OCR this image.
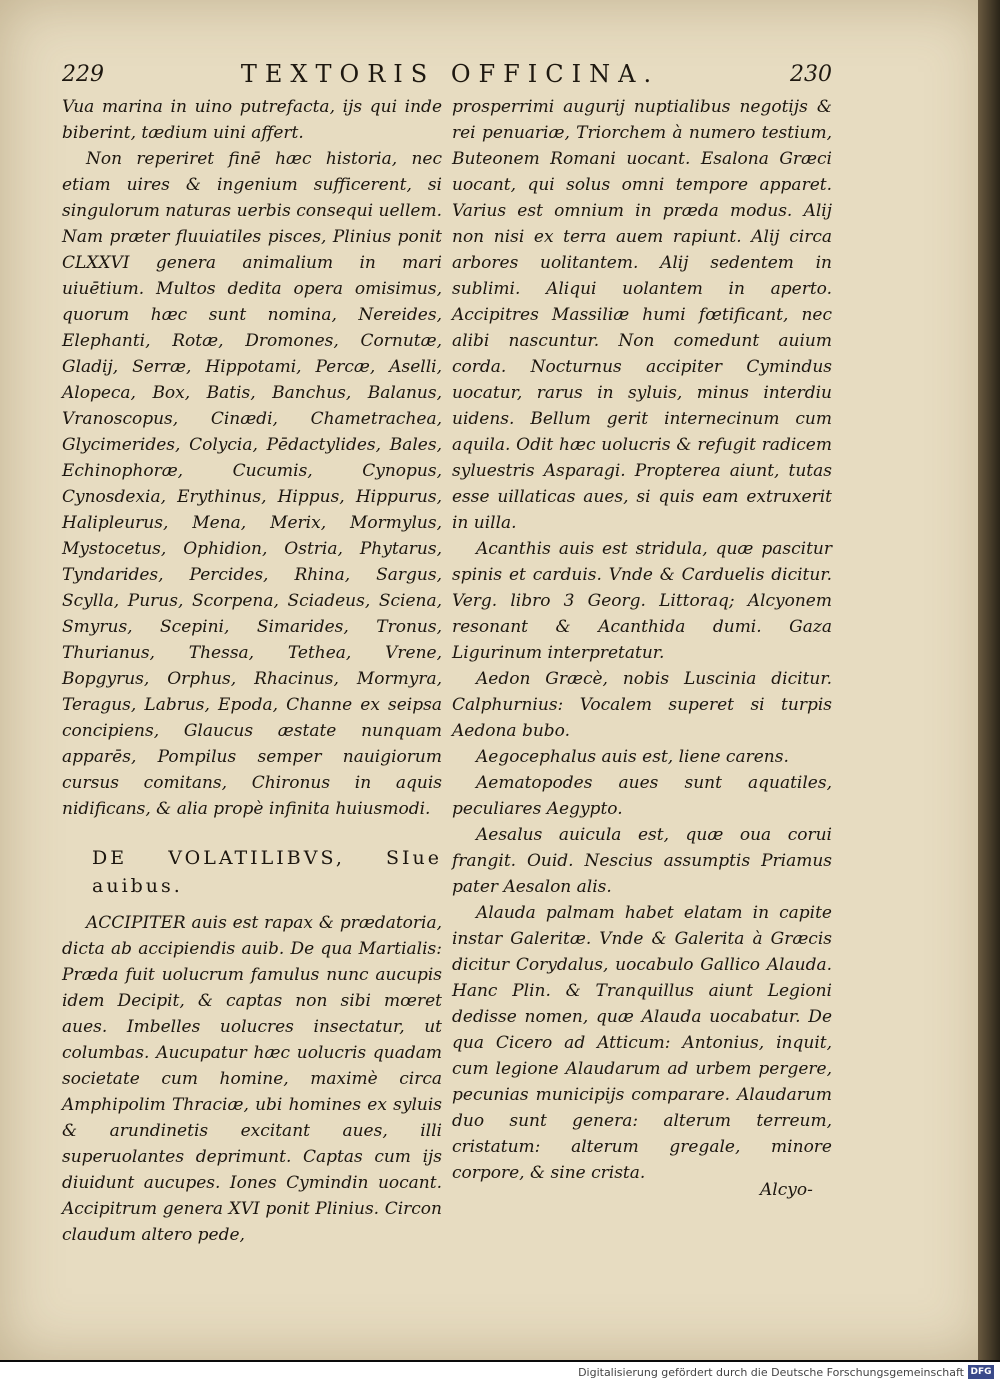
229	TEXTORIS OFFICINA.	230

Vua marina in uino putrefacta, ijs qui inde biberint, tædium uini affert.

Non reperiret finē hæc historia, nec etiam uires & ingenium sufficerent, si singulorum naturas uerbis consequi uellem. Nam præter fluuiatiles pisces, Plinius ponit CLXXVI genera animalium in mari uiuētium. Multos dedita opera omisimus, quorum hæc sunt nomina, Nereides, Elephanti, Rotæ, Dromones, Cornutæ, Gladij, Serræ, Hippotami, Percæ, Aselli, Alopeca, Box, Batis, Banchus, Balanus, Vranoscopus, Cinædi, Chametrachea, Glycimerides, Colycia, Pēdactylides, Bales, Echinophoræ, Cucumis, Cynopus, Cynosdexia, Erythinus, Hippus, Hippurus, Halipleurus, Mena, Merix, Mormylus, Mystocetus, Ophidion, Ostria, Phytarus, Tyndarides, Percides, Rhina, Sargus, Scylla, Purus, Scorpena, Sciadeus, Sciena, Smyrus, Scepini, Simarides, Tronus, Thurianus, Thessa, Tethea, Vrene, Bopgyrus, Orphus, Rhacinus, Mormyra, Teragus, Labrus, Epoda, Channe ex seipsa concipiens, Glaucus æstate nunquam apparēs, Pompilus semper nauigiorum cursus comitans, Chironus in aquis nidificans, & alia propè infinita huiusmodi.

DE VOLATILIBVS, SIue auibus.

ACCIPITER auis est rapax & prædatoria, dicta ab accipiendis auib. De qua Martialis: Præda fuit uolucrum famulus nunc aucupis idem Decipit, & captas non sibi mœret aues. Imbelles uolucres insectatur, ut columbas. Aucupatur hæc uolucris quadam societate cum homine, maximè circa Amphipolim Thraciæ, ubi homines ex syluis & arundinetis excitant aues, illi superuolantes deprimunt. Captas cum ijs diuidunt aucupes. Iones Cymindin uocant. Accipitrum genera XVI ponit Plinius. Circon claudum altero pede,

prosperrimi augurij nuptialibus negotijs & rei penuariæ, Triorchem à numero testium, Buteonem Romani uocant. Esalona Græci uocant, qui solus omni tempore apparet. Varius est omnium in præda modus. Alij non nisi ex terra auem rapiunt. Alij circa arbores uolitantem. Alij sedentem in sublimi. Aliqui uolantem in aperto. Accipitres Massiliæ humi fœtificant, nec alibi nascuntur. Non comedunt auium corda. Nocturnus accipiter Cymindus uocatur, rarus in syluis, minus interdiu uidens. Bellum gerit internecinum cum aquila. Odit hæc uolucris & refugit radicem syluestris Asparagi. Propterea aiunt, tutas esse uillaticas aues, si quis eam extruxerit in uilla.

Acanthis auis est stridula, quæ pascitur spinis et carduis. Vnde & Carduelis dicitur. Verg. libro 3 Georg. Littoraq; Alcyonem resonant & Acanthida dumi. Gaza Ligurinum interpretatur.

Aedon Græcè, nobis Luscinia dicitur. Calphurnius: Vocalem superet si turpis Aedona bubo.

Aegocephalus auis est, liene carens.

Aematopodes aues sunt aquatiles, peculiares Aegypto.

Aesalus auicula est, quæ oua corui frangit. Ouid. Nescius assumptis Priamus pater Aesalon alis.

Alauda palmam habet elatam in capite instar Galeritæ. Vnde & Galerita à Græcis dicitur Corydalus, uocabulo Gallico Alauda. Hanc Plin. & Tranquillus aiunt Legioni dedisse nomen, quæ Alauda uocabatur. De qua Cicero ad Atticum: Antonius, inquit, cum legione Alaudarum ad urbem pergere, pecunias municipijs comparare. Alaudarum duo sunt genera: alterum terreum, cristatum: alterum gregale, minore corpore, & sine crista.

Alcyo-
Digitalisierung gefördert durch die Deutsche Forschungsgemeinschaft DFG
